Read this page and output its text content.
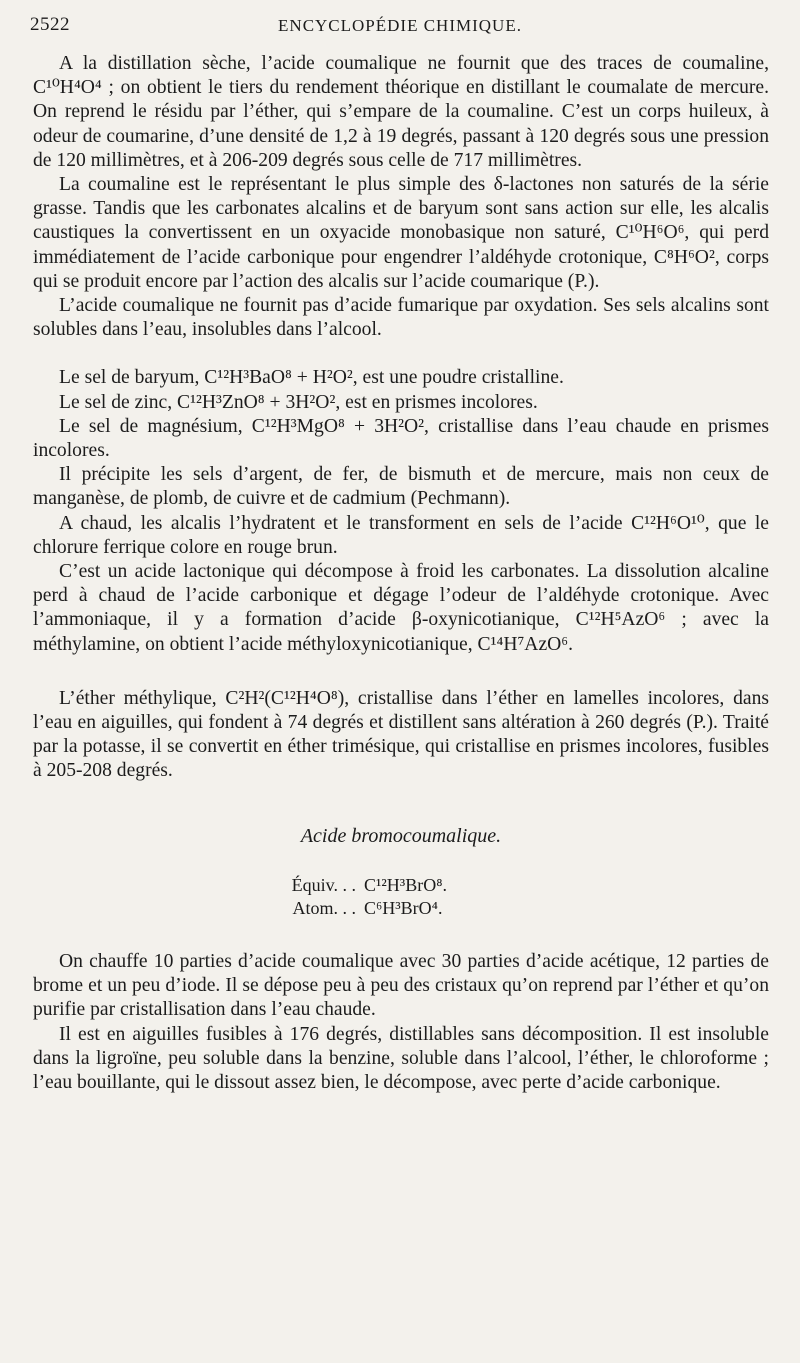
2522	ENCYCLOPÉDIE CHIMIQUE.

A la distillation sèche, l’acide coumalique ne fournit que des traces de coumaline, C¹⁰H⁴O⁴ ; on obtient le tiers du rendement théorique en distillant le coumalate de mercure. On reprend le résidu par l’éther, qui s’empare de la coumaline. C’est un corps huileux, à odeur de coumarine, d’une densité de 1,2 à 19 degrés, passant à 120 degrés sous une pression de 120 millimètres, et à 206-209 degrés sous celle de 717 millimètres.

La coumaline est le représentant le plus simple des δ-lactones non saturés de la série grasse. Tandis que les carbonates alcalins et de baryum sont sans action sur elle, les alcalis caustiques la convertissent en un oxyacide monobasique non saturé, C¹⁰H⁶O⁶, qui perd immédiatement de l’acide carbonique pour engendrer l’aldéhyde crotonique, C⁸H⁶O², corps qui se produit encore par l’action des alcalis sur l’acide coumarique (P.).

L’acide coumalique ne fournit pas d’acide fumarique par oxydation. Ses sels alcalins sont solubles dans l’eau, insolubles dans l’alcool.

Le sel de baryum, C¹²H³BaO⁸ + H²O², est une poudre cristalline.

Le sel de zinc, C¹²H³ZnO⁸ + 3H²O², est en prismes incolores.

Le sel de magnésium, C¹²H³MgO⁸ + 3H²O², cristallise dans l’eau chaude en prismes incolores.

Il précipite les sels d’argent, de fer, de bismuth et de mercure, mais non ceux de manganèse, de plomb, de cuivre et de cadmium (Pechmann).

A chaud, les alcalis l’hydratent et le transforment en sels de l’acide C¹²H⁶O¹⁰, que le chlorure ferrique colore en rouge brun.

C’est un acide lactonique qui décompose à froid les carbonates. La dissolution alcaline perd à chaud de l’acide carbonique et dégage l’odeur de l’aldéhyde crotonique. Avec l’ammoniaque, il y a formation d’acide β-oxynicotianique, C¹²H⁵AzO⁶ ; avec la méthylamine, on obtient l’acide méthyloxynicotianique, C¹⁴H⁷AzO⁶.

L’éther méthylique, C²H²(C¹²H⁴O⁸), cristallise dans l’éther en lamelles incolores, dans l’eau en aiguilles, qui fondent à 74 degrés et distillent sans altération à 260 degrés (P.). Traité par la potasse, il se convertit en éther trimésique, qui cristallise en prismes incolores, fusibles à 205-208 degrés.

Acide bromocoumalique.
Équiv. . . C¹²H³BrO⁸.
Atom. . . C⁶H³BrO⁴.

On chauffe 10 parties d’acide coumalique avec 30 parties d’acide acétique, 12 parties de brome et un peu d’iode. Il se dépose peu à peu des cristaux qu’on reprend par l’éther et qu’on purifie par cristallisation dans l’eau chaude.

Il est en aiguilles fusibles à 176 degrés, distillables sans décomposition. Il est insoluble dans la ligroïne, peu soluble dans la benzine, soluble dans l’alcool, l’éther, le chloroforme ; l’eau bouillante, qui le dissout assez bien, le décompose, avec perte d’acide carbonique.
